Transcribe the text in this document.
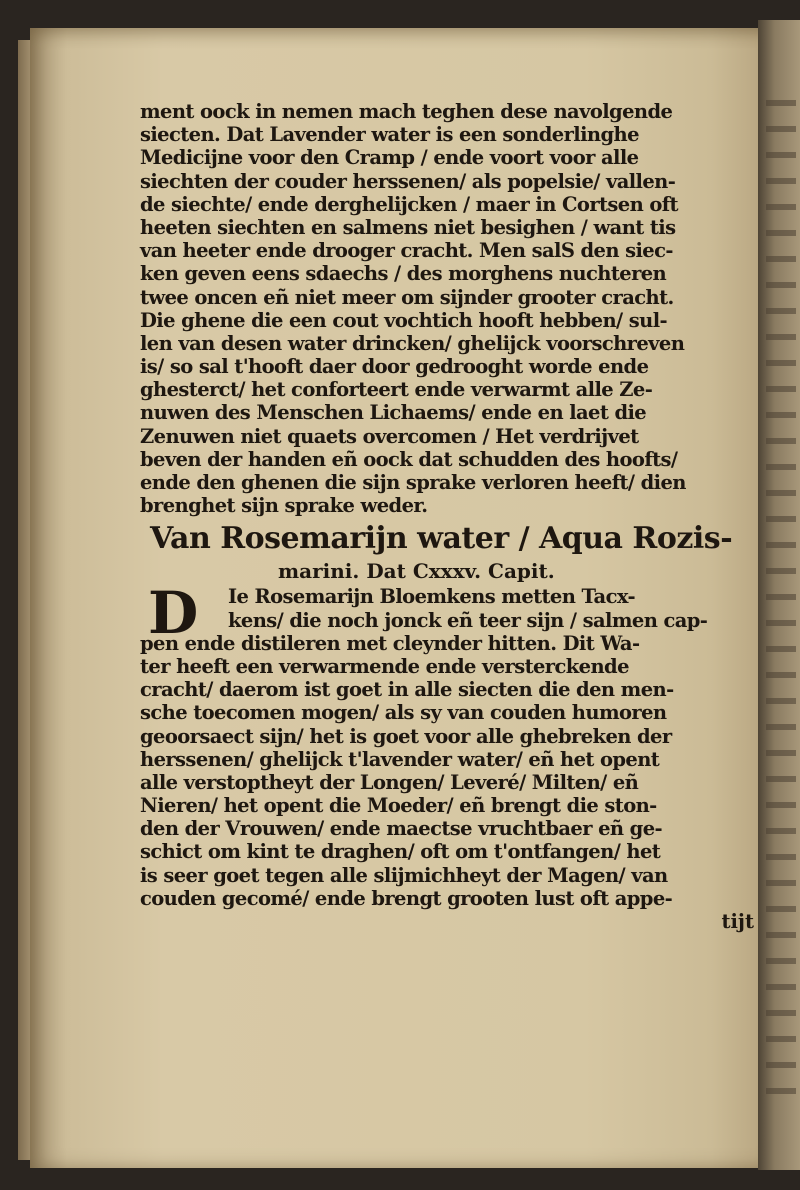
ment oock in nemen mach teghen dese navolgende
siecten. Dat Lavender water is een sonderlinghe
Medicijne voor den Cramp / ende voort voor alle
siechten der couder herssenen/ als popelsie/ vallen-
de siechte/ ende dergheliјcken / maer in Cortsen oft
heeten siechten en salmens niet besighen / want tis
van heeter ende drooger cracht. Men salS den siec-
ken geven eens sdaechs / des morghens nuchteren
twee oncen eñ niet meer om sijnder grooter cracht.
Die ghene die een cout vochtich hooft hebben/ sul-
len van desen water drincken/ gheliјck voorschreven
is/ so sal t'hooft daer door gedrooght worde ende
ghesterct/ het conforteert ende verwarmt alle Ze-
nuwen des Menschen Lichaems/ ende en laet die
Zenuwen niet quaets overcomen / Het verdrijvet
beven der handen eñ oock dat schudden des hoofts/
ende den ghenen die sijn sprake verloren heeft/ dien
brenghet sijn sprake weder.
Van Rosemarijn water / Aqua Rozis-
marini. Dat Cxxxv. Capit.
D	Ie Rosemarijn Bloemkens metten Tacx-
kens/ die noch jonck eñ teer sijn / salmen cap-
pen ende distileren met cleynder hitten. Dit Wa-
ter heeft een verwarmende ende versterckende
cracht/ daerom ist goet in alle siecten die den men-
sche toecomen mogen/ als sy van couden humoren
geoorsaect sijn/ het is goet voor alle ghebreken der
herssenen/ gheliјck t'lavender water/ eñ het opent
alle verstoptheyt der Longen/ Leveré/ Milten/ eñ
Nieren/ het opent die Moeder/ eñ brengt die ston-
den der Vrouwen/ ende maectse vruchtbaer eñ ge-
schict om kint te draghen/ oft om t'ontfangen/ het
is seer goet tegen alle slijmichheyt der Magen/ van
couden gecomé/ ende brengt grooten lust oft appe-
tijt
